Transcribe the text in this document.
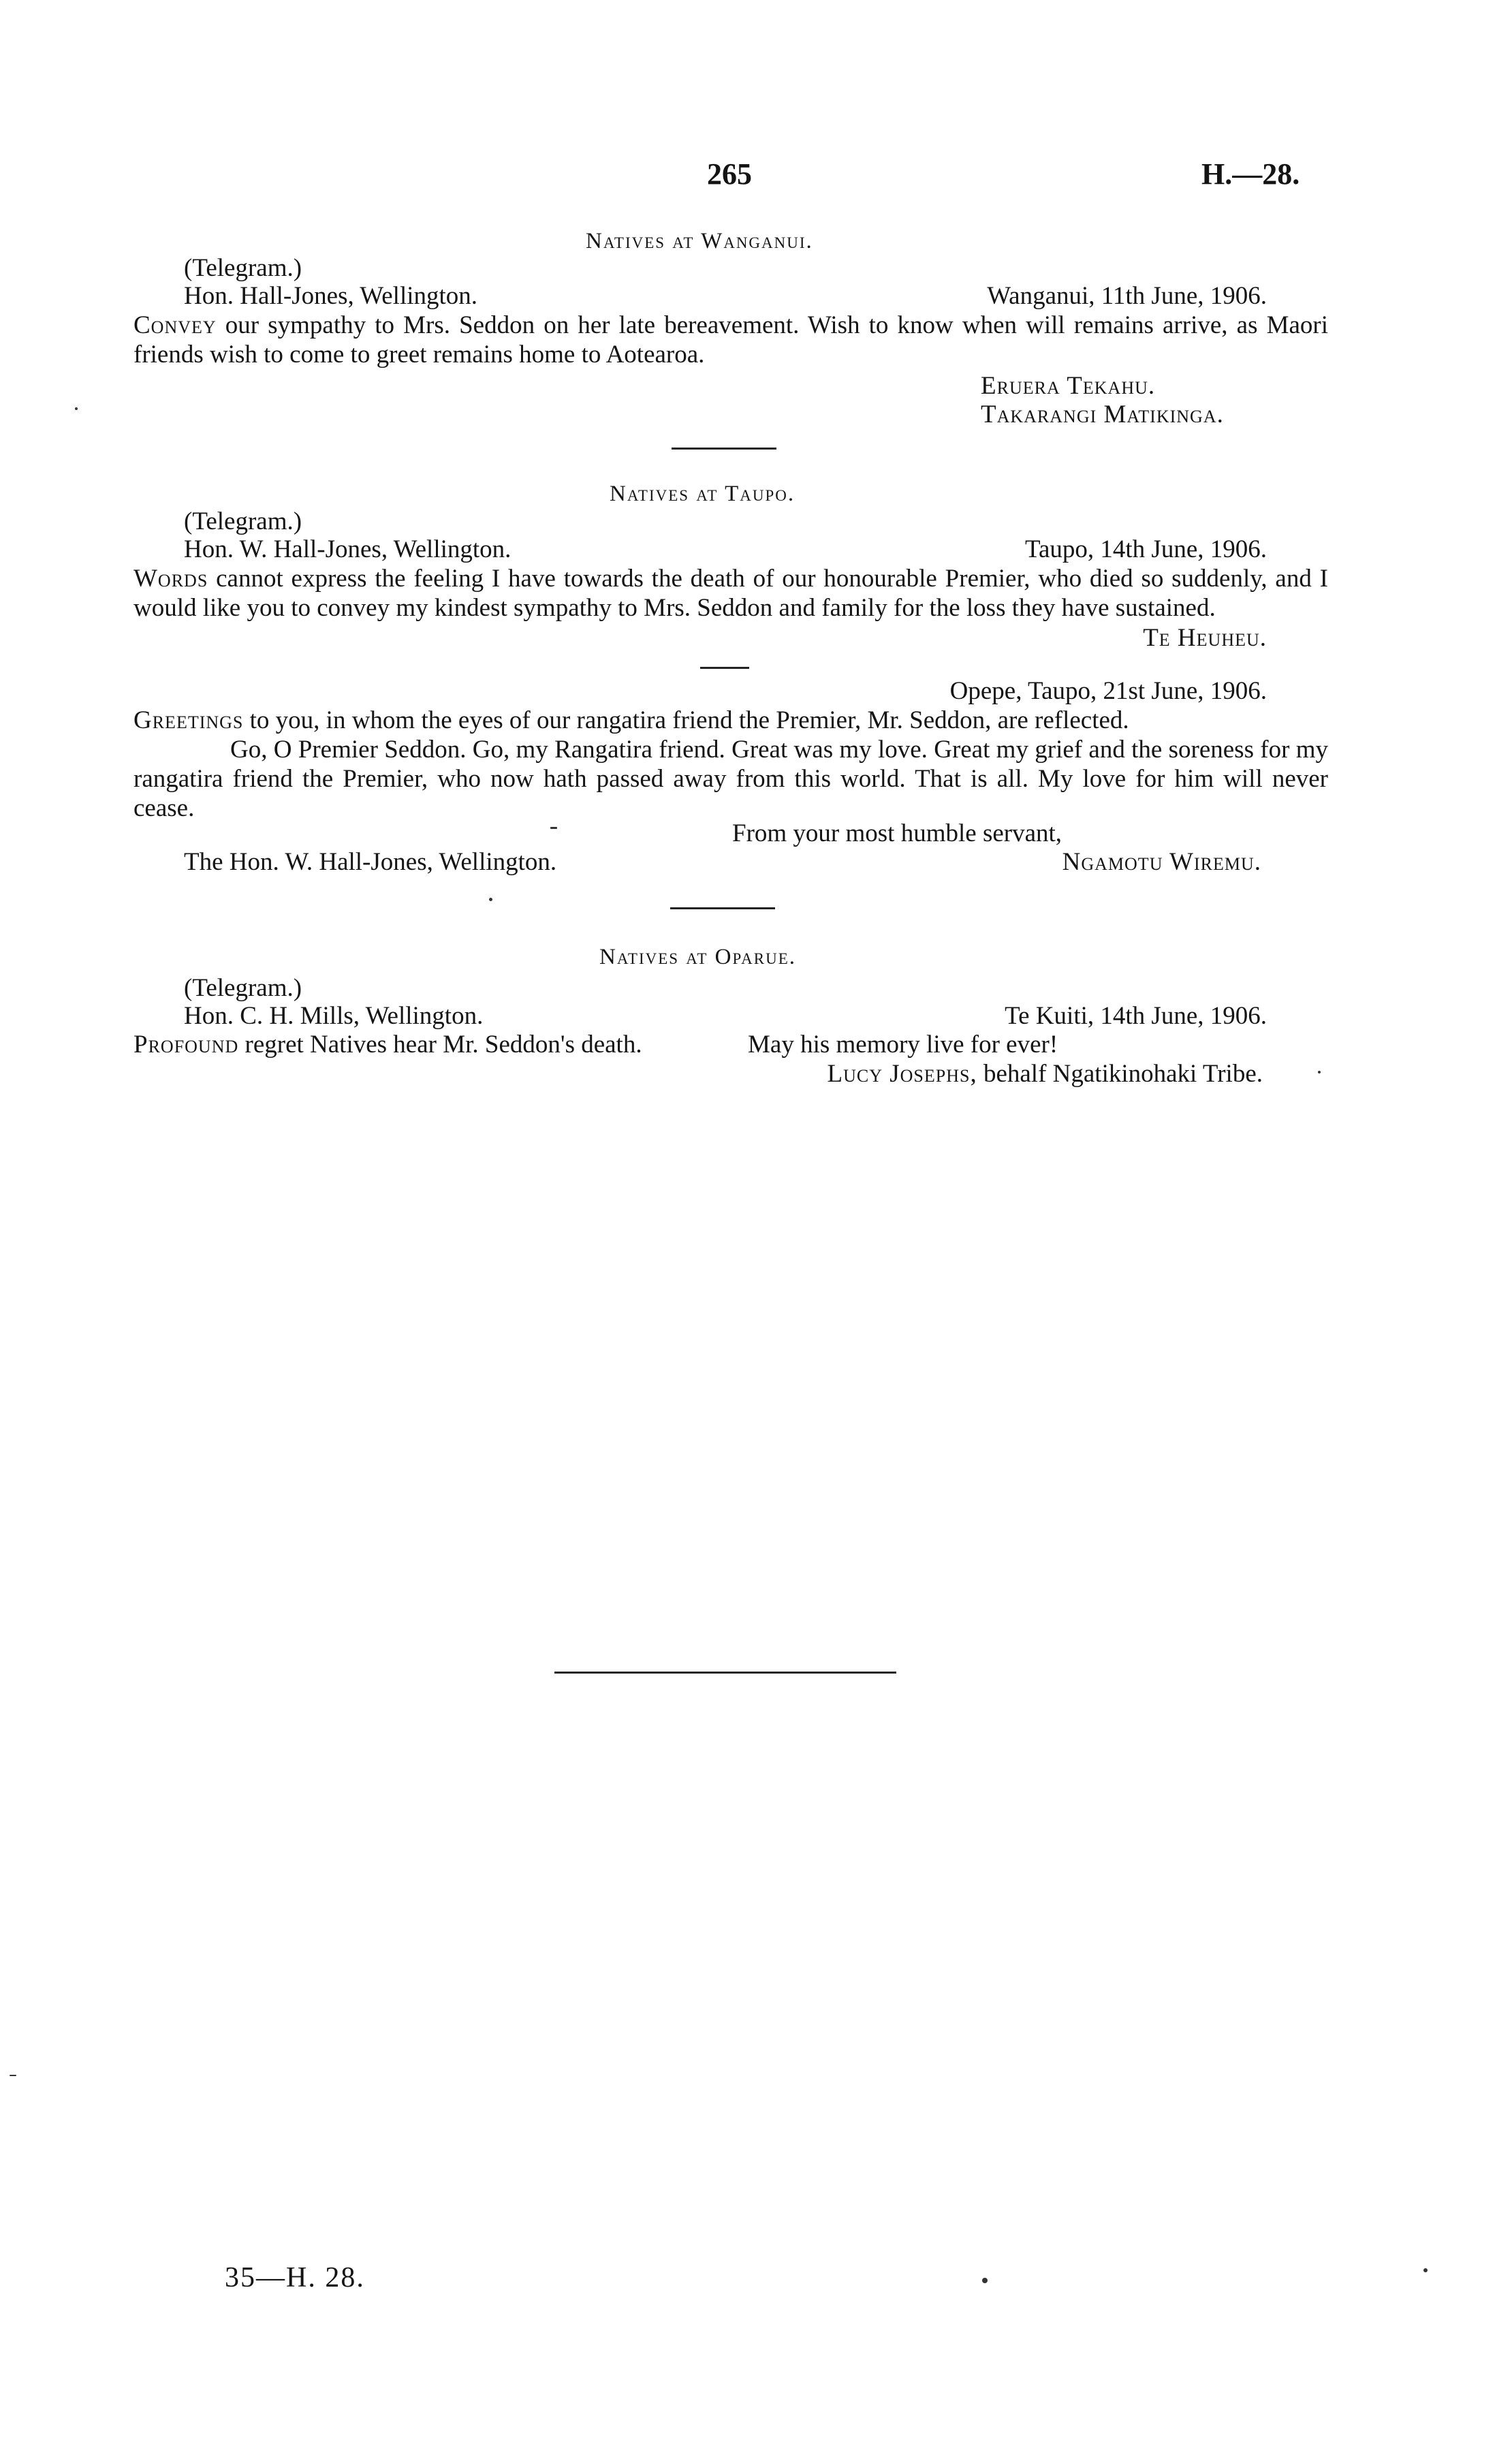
265	H.—28.
Natives at Wanganui.
(Telegram.)
Hon. Hall-Jones, Wellington.	Wanganui, 11th June, 1906.
Convey our sympathy to Mrs. Seddon on her late bereavement. Wish to know when will remains arrive, as Maori friends wish to come to greet remains home to Aotearoa.
Eruera Tekahu.
Takarangi Matikinga.
Natives at Taupo.
(Telegram.)
Hon. W. Hall-Jones, Wellington.	Taupo, 14th June, 1906.
Words cannot express the feeling I have towards the death of our honourable Premier, who died so suddenly, and I would like you to convey my kindest sympathy to Mrs. Seddon and family for the loss they have sustained.
Te Heuheu.
Opepe, Taupo, 21st June, 1906.
Greetings to you, in whom the eyes of our rangatira friend the Premier, Mr. Seddon, are reflected.
Go, O Premier Seddon. Go, my Rangatira friend. Great was my love. Great my grief and the soreness for my rangatira friend the Premier, who now hath passed away from this world. That is all. My love for him will never cease.
From your most humble servant,
The Hon. W. Hall-Jones, Wellington.	Ngamotu Wiremu.
Natives at Oparue.
(Telegram.)
Hon. C. H. Mills, Wellington.	Te Kuiti, 14th June, 1906.
Profound regret Natives hear Mr. Seddon's death.	May his memory live for ever!
Lucy Josephs, behalf Ngatikinohaki Tribe.
35—H. 28.
